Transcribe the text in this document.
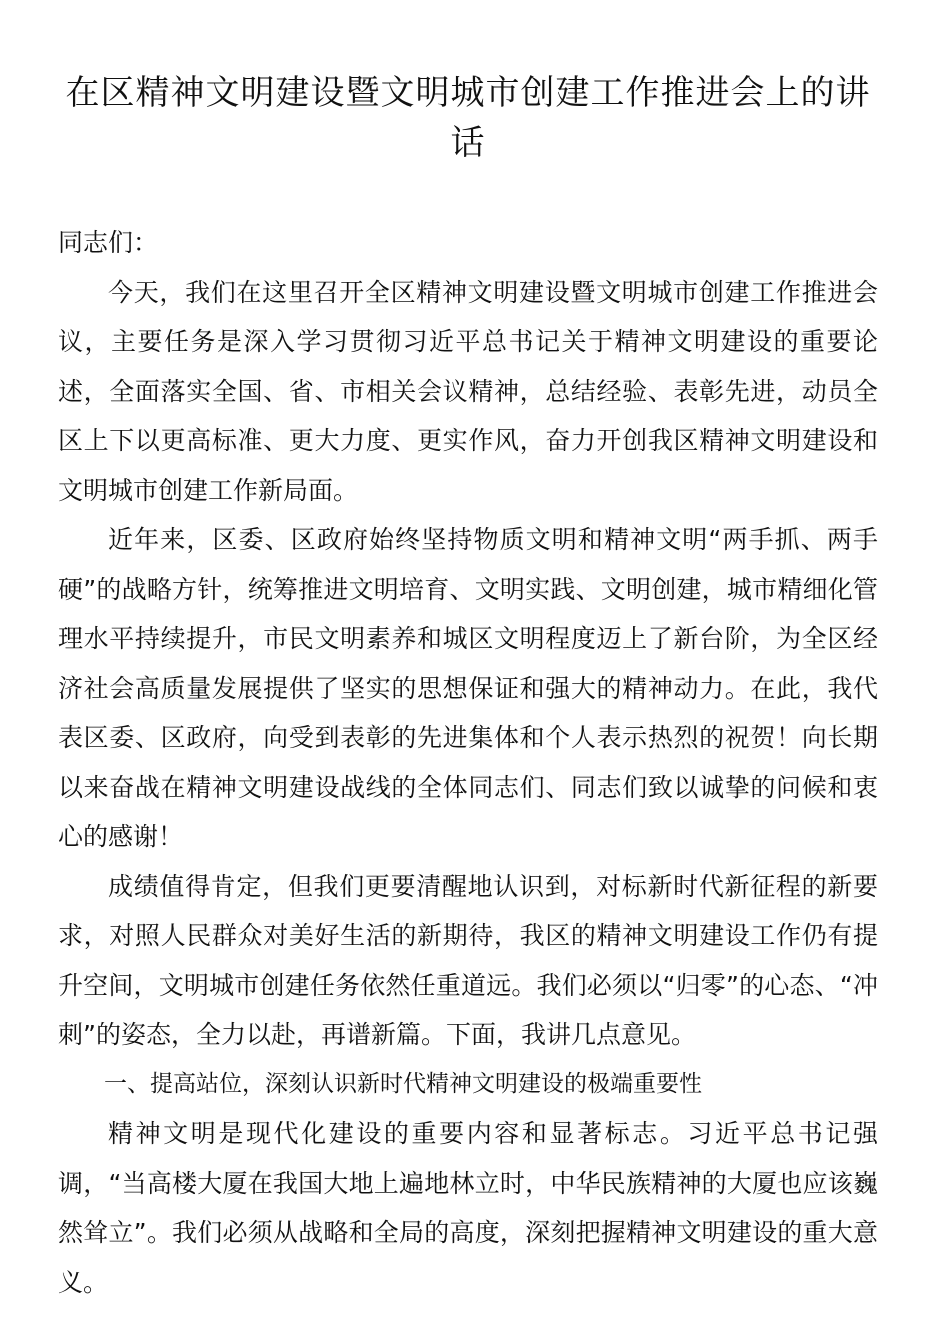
在区精神文明建设暨文明城市创建工作推进会上的讲话

同志们：

今天，我们在这里召开全区精神文明建设暨文明城市创建工作推进会议，主要任务是深入学习贯彻习近平总书记关于精神文明建设的重要论述，全面落实全国、省、市相关会议精神，总结经验、表彰先进，动员全区上下以更高标准、更大力度、更实作风，奋力开创我区精神文明建设和文明城市创建工作新局面。

近年来，区委、区政府始终坚持物质文明和精神文明“两手抓、两手硬”的战略方针，统筹推进文明培育、文明实践、文明创建，城市精细化管理水平持续提升，市民文明素养和城区文明程度迈上了新台阶，为全区经济社会高质量发展提供了坚实的思想保证和强大的精神动力。在此，我代表区委、区政府，向受到表彰的先进集体和个人表示热烈的祝贺！向长期以来奋战在精神文明建设战线的全体同志们、同志们致以诚挚的问候和衷心的感谢！

成绩值得肯定，但我们更要清醒地认识到，对标新时代新征程的新要求，对照人民群众对美好生活的新期待，我区的精神文明建设工作仍有提升空间，文明城市创建任务依然任重道远。我们必须以“归零”的心态、“冲刺”的姿态，全力以赴，再谱新篇。下面，我讲几点意见。

一、提高站位，深刻认识新时代精神文明建设的极端重要性

精神文明是现代化建设的重要内容和显著标志。习近平总书记强调，“当高楼大厦在我国大地上遍地林立时，中华民族精神的大厦也应该巍然耸立”。我们必须从战略和全局的高度，深刻把握精神文明建设的重大意义。
